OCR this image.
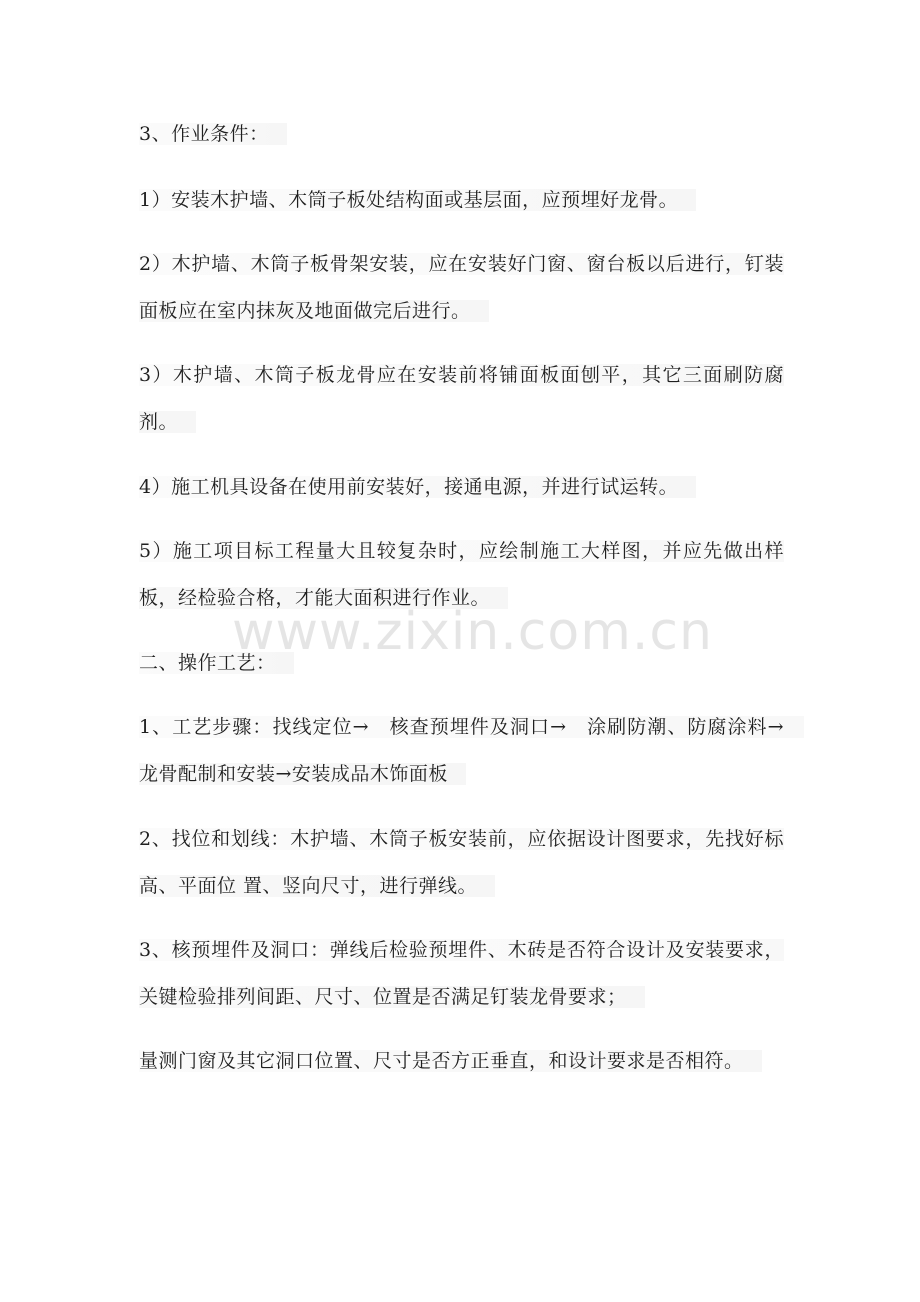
3、作业条件：

1）安装木护墙、木筒子板处结构面或基层面，应预埋好龙骨。

2）木护墙、木筒子板骨架安装，应在安装好门窗、窗台板以后进行，钉装面板应在室内抹灰及地面做完后进行。

3）木护墙、木筒子板龙骨应在安装前将铺面板面刨平，其它三面刷防腐剂。

4）施工机具设备在使用前安装好，接通电源，并进行试运转。

5）施工项目标工程量大且较复杂时，应绘制施工大样图，并应先做出样板，经检验合格，才能大面积进行作业。

二、操作工艺：

1、工艺步骤：找线定位→　核查预埋件及洞口→　涂刷防潮、防腐涂料→　龙骨配制和安装→安装成品木饰面板

2、找位和划线：木护墙、木筒子板安装前，应依据设计图要求，先找好标高、平面位 置、竖向尺寸，进行弹线。

3、核预埋件及洞口：弹线后检验预埋件、木砖是否符合设计及安装要求，关键检验排列间距、尺寸、位置是否满足钉装龙骨要求；

量测门窗及其它洞口位置、尺寸是否方正垂直，和设计要求是否相符。

www.zixin.com.cn
